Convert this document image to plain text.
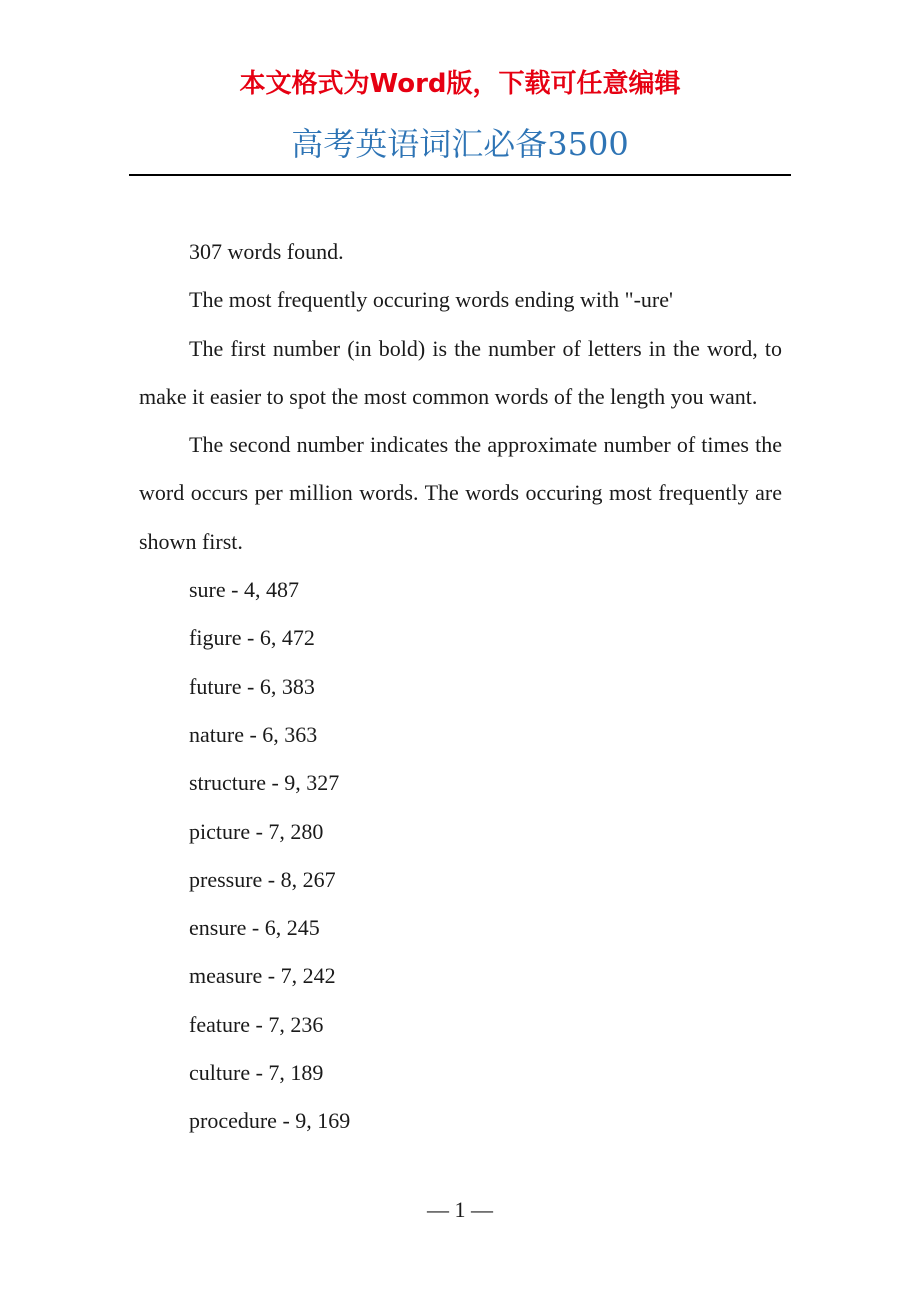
本文格式为Word版，下载可任意编辑
高考英语词汇必备3500

307 words found.

The most frequently occuring words ending with "-ure'

The first number (in bold) is the number of letters in the word, to make it easier to spot the most common words of the length you want.

The second number indicates the approximate number of times the word occurs per million words. The words occuring most frequently are shown first.

sure - 4, 487

figure - 6, 472

future - 6, 383

nature - 6, 363

structure - 9, 327

picture - 7, 280

pressure - 8, 267

ensure - 6, 245

measure - 7, 242

feature - 7, 236

culture - 7, 189

procedure - 9, 169

— 1 —
